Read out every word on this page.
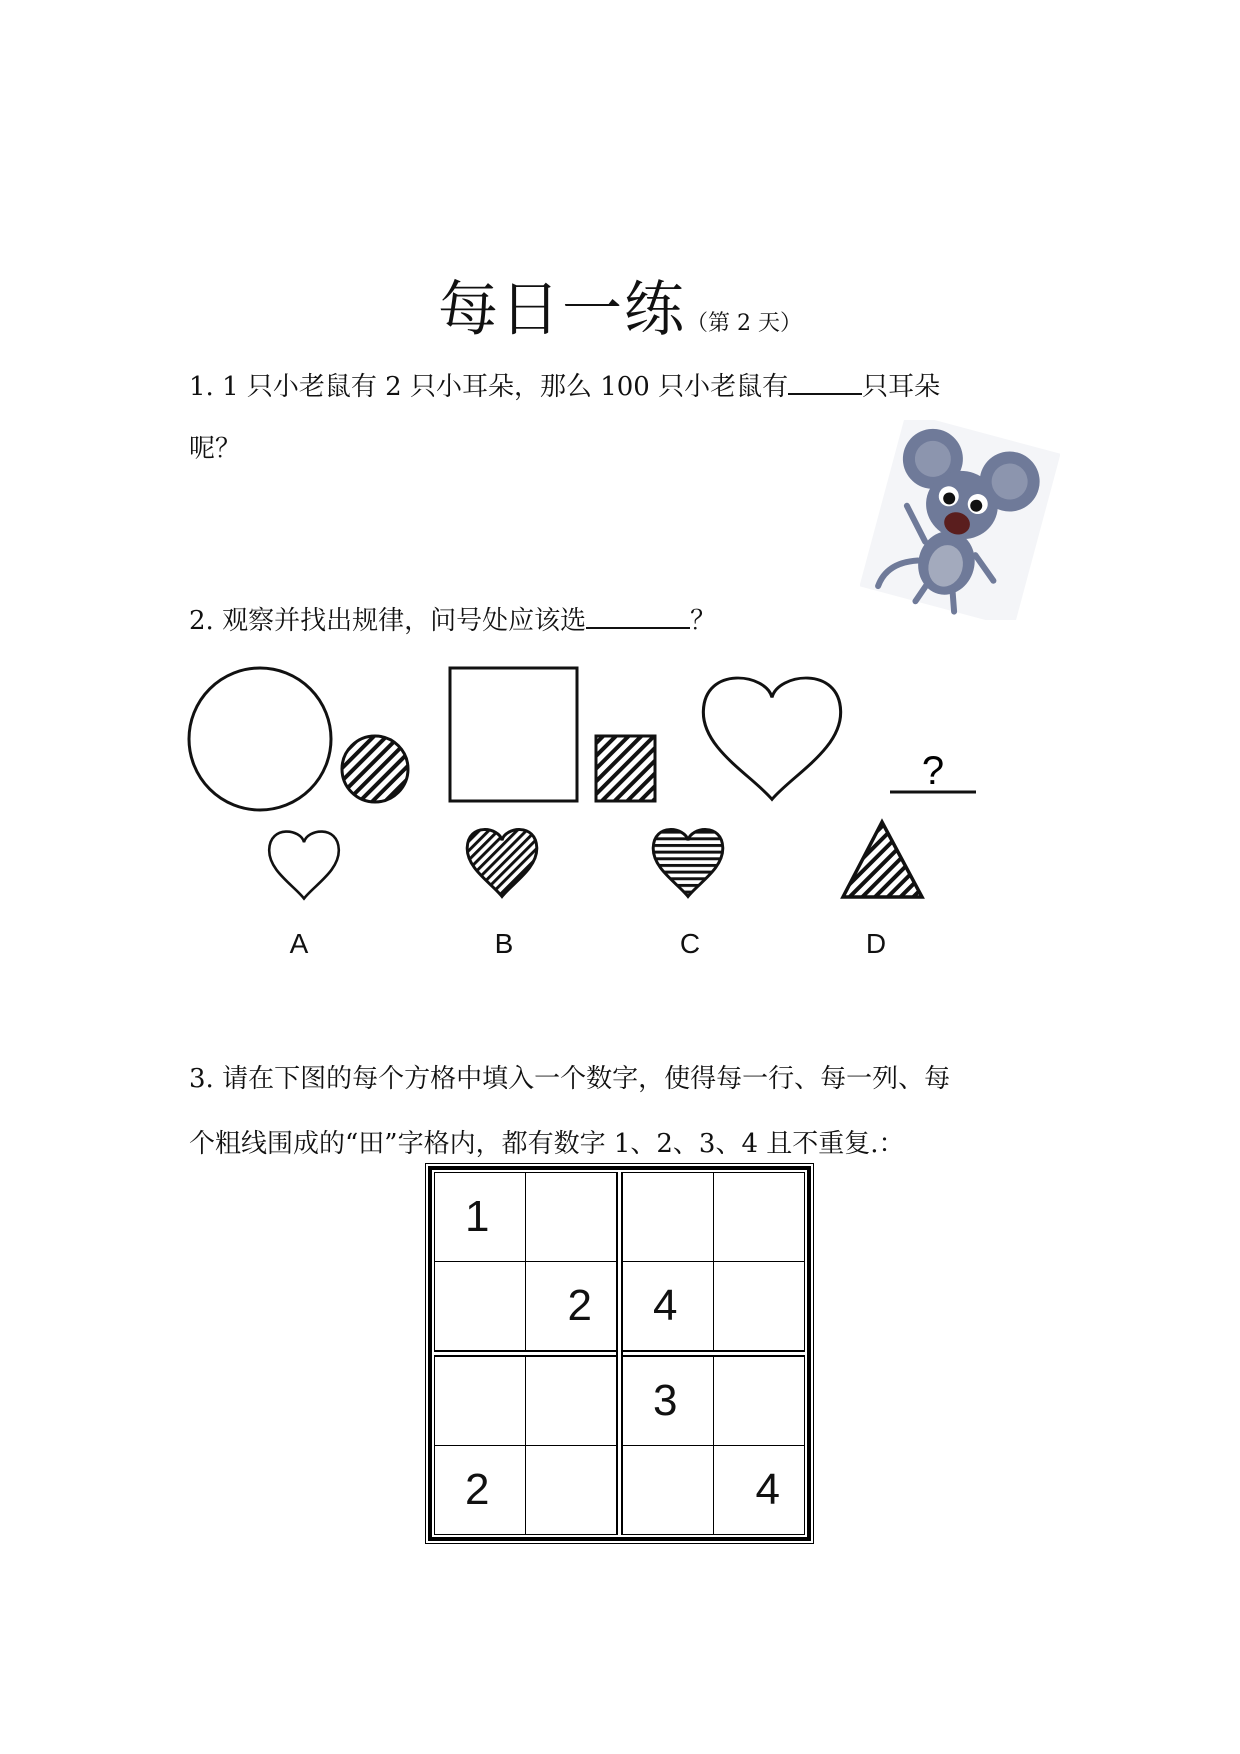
每日一练（第 2 天）
1. 1 只小老鼠有 2 只小耳朵，那么 100 只小老鼠有	只耳朵
呢？
2. 观察并找出规律，问号处应该选	？
?
A	B	C	D
3. 请在下图的每个方格中填入一个数字，使得每一行、每一列、每
个粗线围成的“田”字格内，都有数字 1、2、3、4 且不重复.：
1			
	2	4	
		3	
2			4
